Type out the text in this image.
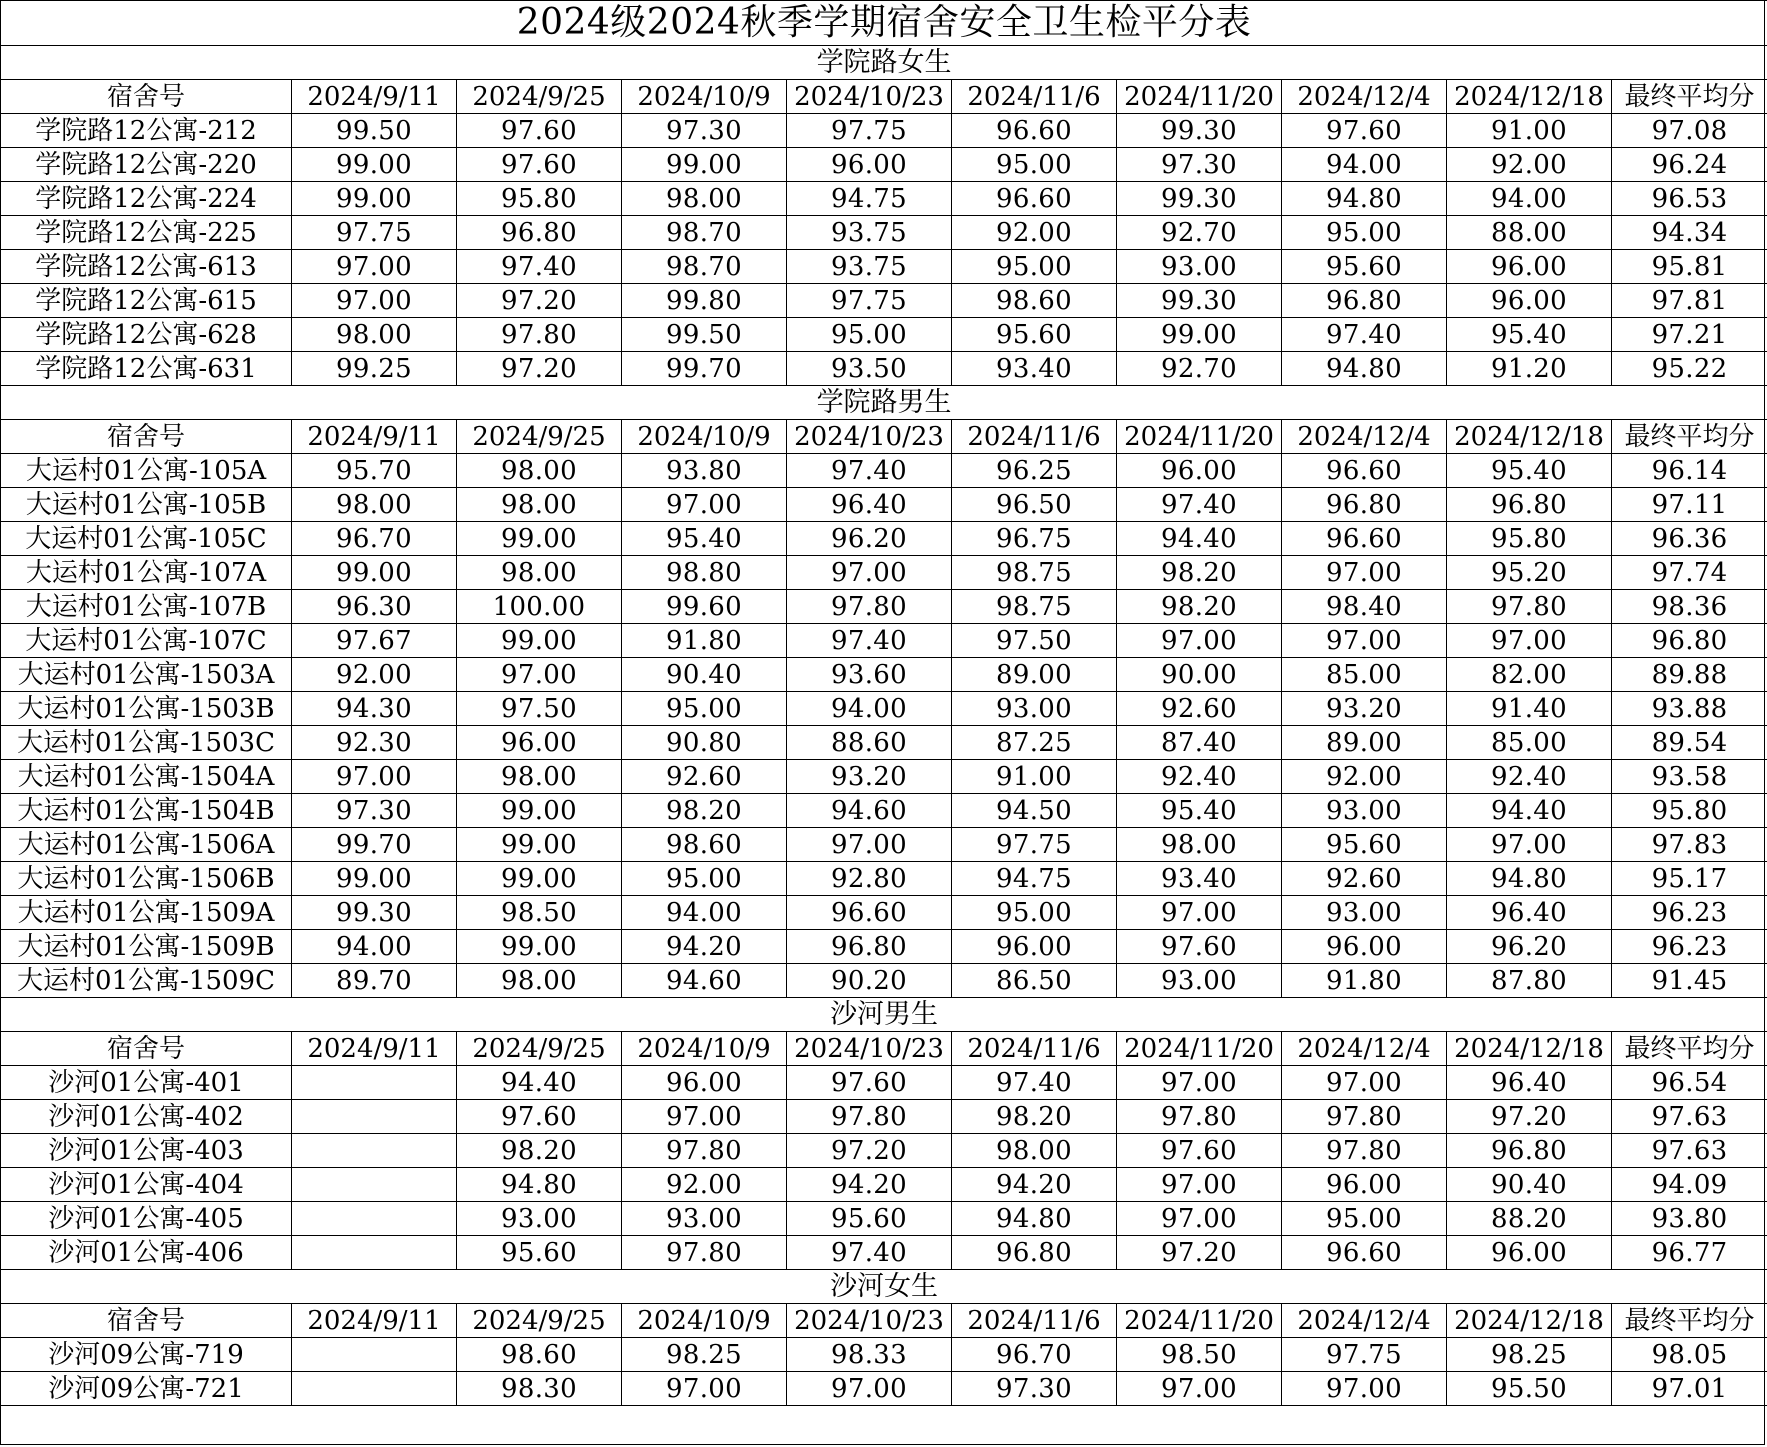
2024级2024秋季学期宿舍安全卫生检平分表									
学院路女生									
宿舍号	2024/9/11	2024/9/25	2024/10/9	2024/10/23	2024/11/6	2024/11/20	2024/12/4	2024/12/18	最终平均分
学院路12公寓-212	99.50	97.60	97.30	97.75	96.60	99.30	97.60	91.00	97.08
学院路12公寓-220	99.00	97.60	99.00	96.00	95.00	97.30	94.00	92.00	96.24
学院路12公寓-224	99.00	95.80	98.00	94.75	96.60	99.30	94.80	94.00	96.53
学院路12公寓-225	97.75	96.80	98.70	93.75	92.00	92.70	95.00	88.00	94.34
学院路12公寓-613	97.00	97.40	98.70	93.75	95.00	93.00	95.60	96.00	95.81
学院路12公寓-615	97.00	97.20	99.80	97.75	98.60	99.30	96.80	96.00	97.81
学院路12公寓-628	98.00	97.80	99.50	95.00	95.60	99.00	97.40	95.40	97.21
学院路12公寓-631	99.25	97.20	99.70	93.50	93.40	92.70	94.80	91.20	95.22
学院路男生									
宿舍号	2024/9/11	2024/9/25	2024/10/9	2024/10/23	2024/11/6	2024/11/20	2024/12/4	2024/12/18	最终平均分
大运村01公寓-105A	95.70	98.00	93.80	97.40	96.25	96.00	96.60	95.40	96.14
大运村01公寓-105B	98.00	98.00	97.00	96.40	96.50	97.40	96.80	96.80	97.11
大运村01公寓-105C	96.70	99.00	95.40	96.20	96.75	94.40	96.60	95.80	96.36
大运村01公寓-107A	99.00	98.00	98.80	97.00	98.75	98.20	97.00	95.20	97.74
大运村01公寓-107B	96.30	100.00	99.60	97.80	98.75	98.20	98.40	97.80	98.36
大运村01公寓-107C	97.67	99.00	91.80	97.40	97.50	97.00	97.00	97.00	96.80
大运村01公寓-1503A	92.00	97.00	90.40	93.60	89.00	90.00	85.00	82.00	89.88
大运村01公寓-1503B	94.30	97.50	95.00	94.00	93.00	92.60	93.20	91.40	93.88
大运村01公寓-1503C	92.30	96.00	90.80	88.60	87.25	87.40	89.00	85.00	89.54
大运村01公寓-1504A	97.00	98.00	92.60	93.20	91.00	92.40	92.00	92.40	93.58
大运村01公寓-1504B	97.30	99.00	98.20	94.60	94.50	95.40	93.00	94.40	95.80
大运村01公寓-1506A	99.70	99.00	98.60	97.00	97.75	98.00	95.60	97.00	97.83
大运村01公寓-1506B	99.00	99.00	95.00	92.80	94.75	93.40	92.60	94.80	95.17
大运村01公寓-1509A	99.30	98.50	94.00	96.60	95.00	97.00	93.00	96.40	96.23
大运村01公寓-1509B	94.00	99.00	94.20	96.80	96.00	97.60	96.00	96.20	96.23
大运村01公寓-1509C	89.70	98.00	94.60	90.20	86.50	93.00	91.80	87.80	91.45
沙河男生									
宿舍号	2024/9/11	2024/9/25	2024/10/9	2024/10/23	2024/11/6	2024/11/20	2024/12/4	2024/12/18	最终平均分
沙河01公寓-401		94.40	96.00	97.60	97.40	97.00	97.00	96.40	96.54
沙河01公寓-402		97.60	97.00	97.80	98.20	97.80	97.80	97.20	97.63
沙河01公寓-403		98.20	97.80	97.20	98.00	97.60	97.80	96.80	97.63
沙河01公寓-404		94.80	92.00	94.20	94.20	97.00	96.00	90.40	94.09
沙河01公寓-405		93.00	93.00	95.60	94.80	97.00	95.00	88.20	93.80
沙河01公寓-406		95.60	97.80	97.40	96.80	97.20	96.60	96.00	96.77
沙河女生									
宿舍号	2024/9/11	2024/9/25	2024/10/9	2024/10/23	2024/11/6	2024/11/20	2024/12/4	2024/12/18	最终平均分
沙河09公寓-719		98.60	98.25	98.33	96.70	98.50	97.75	98.25	98.05
沙河09公寓-721		98.30	97.00	97.00	97.30	97.00	97.00	95.50	97.01
